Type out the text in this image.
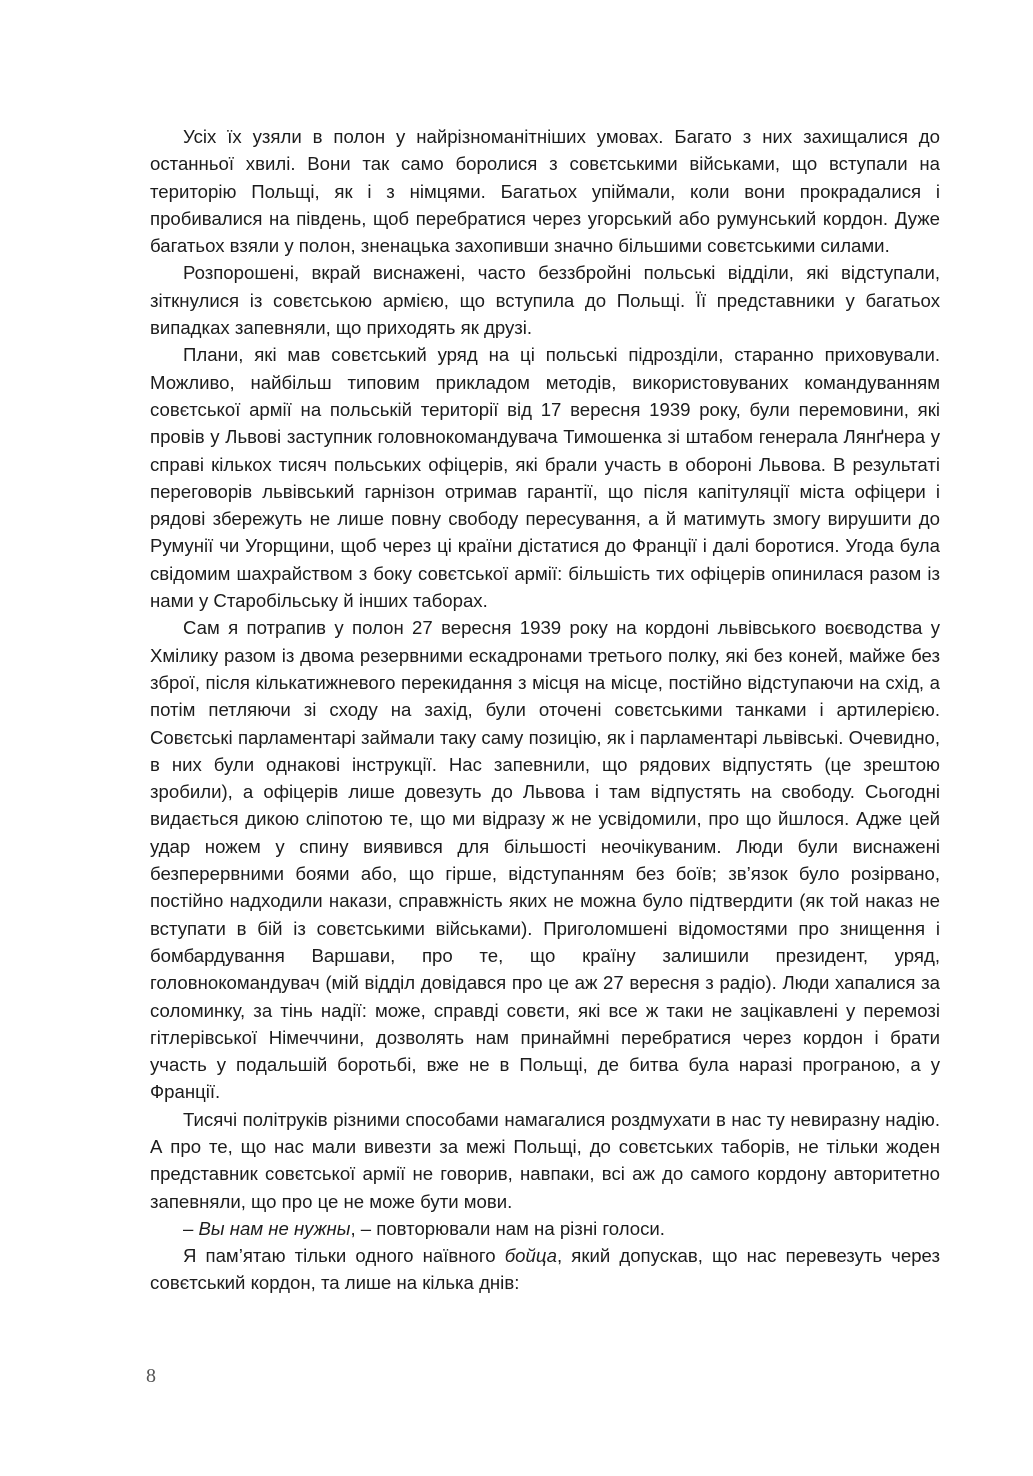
Усіх їх узяли в полон у найрізноманітніших умовах. Багато з них захищалися до останньої хвилі. Вони так само боролися з совєтськими військами, що вступали на територію Польщі, як і з німцями. Багатьох упіймали, коли вони прокрадалися і пробивалися на південь, щоб перебратися через угорський або румунський кордон. Дуже багатьох взяли у полон, зненацька захопивши значно більшими совєтськими силами.

Розпорошені, вкрай виснажені, часто беззбройні польські відділи, які відступали, зіткнулися із совєтською армією, що вступила до Польщі. Її представники у багатьох випадках запевняли, що приходять як друзі.

Плани, які мав совєтський уряд на ці польські підрозділи, старанно приховували. Можливо, найбільш типовим прикладом методів, використовуваних командуванням совєтської армії на польській території від 17 вересня 1939 року, були перемовини, які провів у Львові заступник головнокомандувача Тимошенка зі штабом генерала Лянґнера у справі кількох тисяч польських офіцерів, які брали участь в обороні Львова. В результаті переговорів львівський гарнізон отримав гарантії, що після капітуляції міста офіцери і рядові збережуть не лише повну свободу пересування, а й матимуть змогу вирушити до Румунії чи Угорщини, щоб через ці країни дістатися до Франції і далі боротися. Угода була свідомим шахрайством з боку совєтської армії: більшість тих офіцерів опинилася разом із нами у Старобільську й інших таборах.

Сам я потрапив у полон 27 вересня 1939 року на кордоні львівського воєводства у Хмілику разом із двома резервними ескадронами третього полку, які без коней, майже без зброї, після кількатижневого перекидання з місця на місце, постійно відступаючи на схід, а потім петляючи зі сходу на захід, були оточені совєтськими танками і артилерією. Совєтські парламентарі займали таку саму позицію, як і парламентарі львівські. Очевидно, в них були однакові інструкції. Нас запевнили, що рядових відпустять (це зрештою зробили), а офіцерів лише довезуть до Львова і там відпустять на свободу. Сьогодні видається дикою сліпотою те, що ми відразу ж не усвідомили, про що йшлося. Адже цей удар ножем у спину виявився для більшості неочікуваним. Люди були виснажені безперервними боями або, що гірше, відступанням без боїв; зв’язок було розірвано, постійно надходили накази, справжність яких не можна було підтвердити (як той наказ не вступати в бій із совєтськими військами). Приголомшені відомостями про знищення і бомбардування Варшави, про те, що країну залишили президент, уряд, головнокомандувач (мій відділ довідався про це аж 27 вересня з радіо). Люди хапалися за соломинку, за тінь надії: може, справді совєти, які все ж таки не зацікавлені у перемозі гітлерівської Німеччини, дозволять нам принаймні перебратися через кордон і брати участь у подальшій боротьбі, вже не в Польщі, де битва була наразі програною, а у Франції.

Тисячі політруків різними способами намагалися роздмухати в нас ту невиразну надію. А про те, що нас мали вивезти за межі Польщі, до совєтських таборів, не тільки жоден представник совєтської армії не говорив, навпаки, всі аж до самого кордону авторитетно запевняли, що про це не може бути мови.

– Вы нам не нужны, – повторювали нам на різні голоси.

Я пам’ятаю тільки одного наївного бойца, який допускав, що нас перевезуть через совєтський кордон, та лише на кілька днів:

8
